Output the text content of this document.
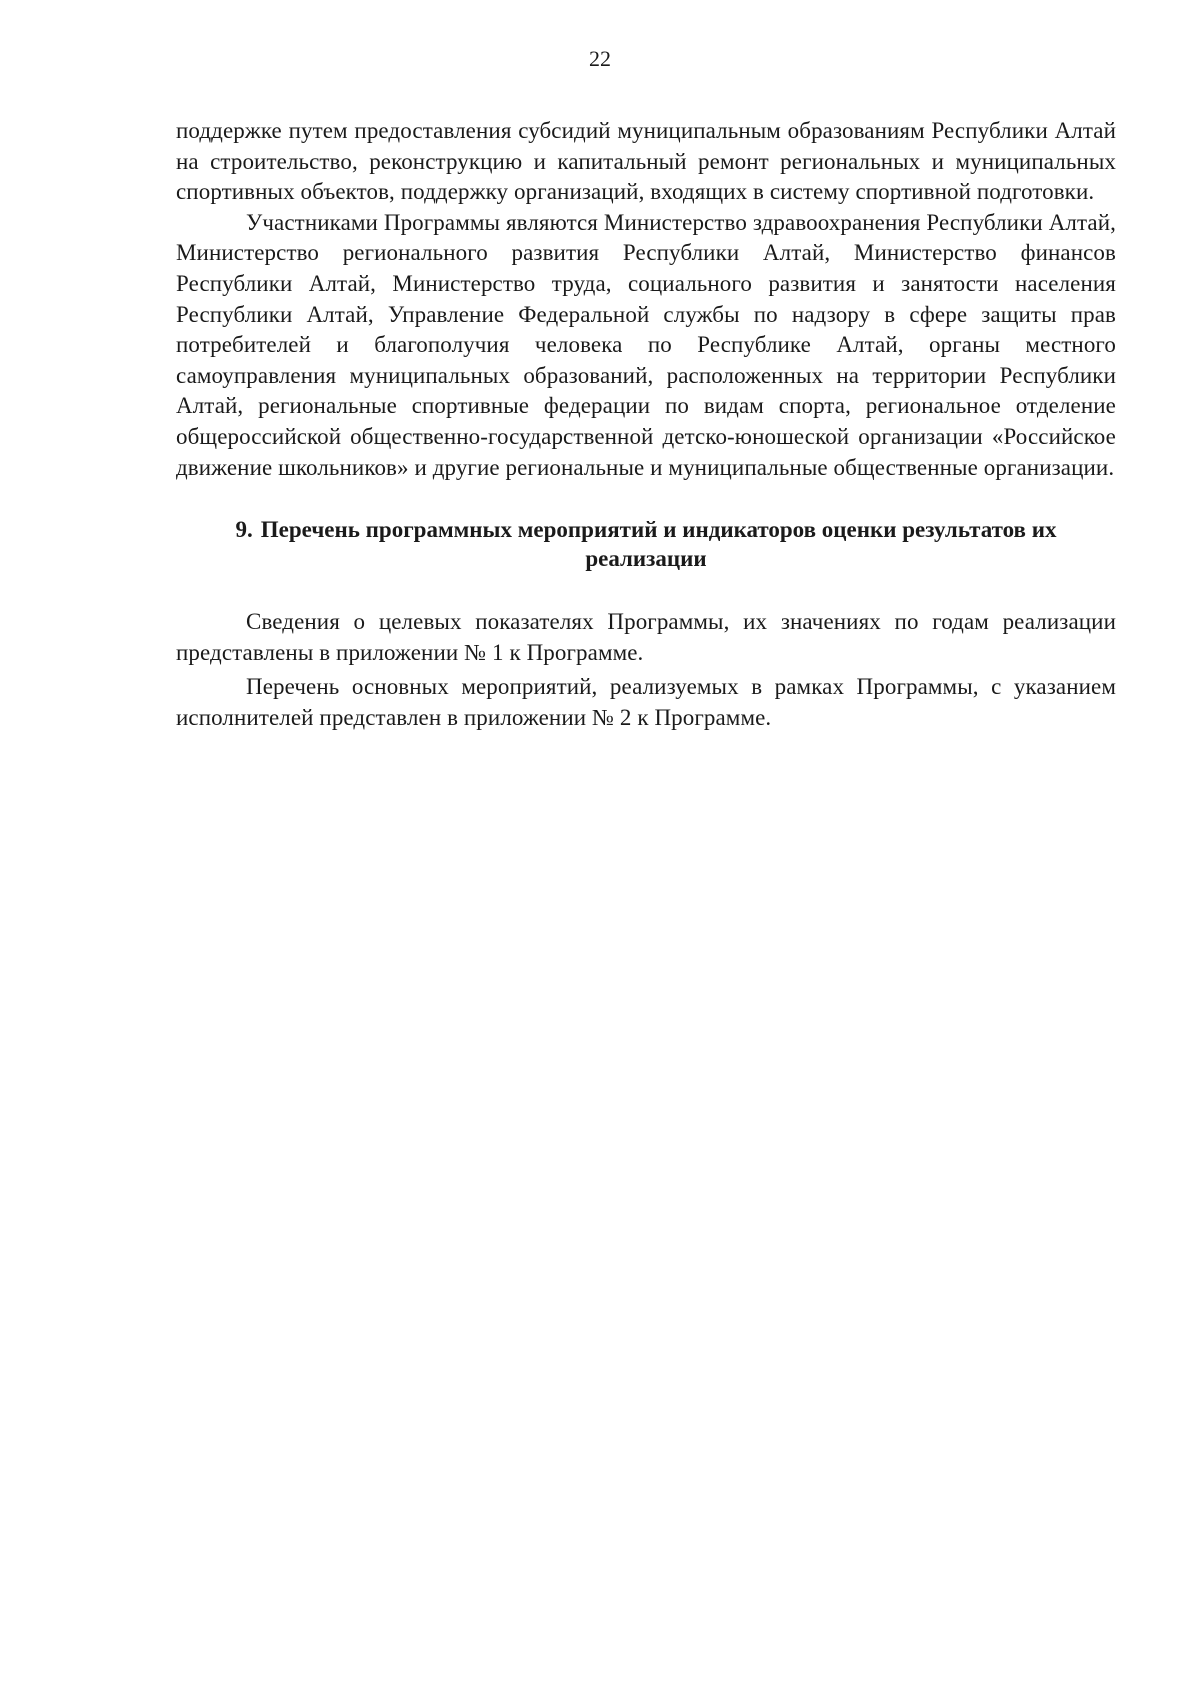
22

поддержке путем предоставления субсидий муниципальным образованиям Республики Алтай на строительство, реконструкцию и капитальный ремонт региональных и муниципальных спортивных объектов, поддержку организаций, входящих в систему спортивной подготовки.

Участниками Программы являются Министерство здравоохранения Республики Алтай, Министерство регионального развития Республики Алтай, Министерство финансов Республики Алтай, Министерство труда, социального развития и занятости населения Республики Алтай, Управление Федеральной службы по надзору в сфере защиты прав потребителей и благополучия человека по Республике Алтай, органы местного самоуправления муниципальных образований, расположенных на территории Республики Алтай, региональные спортивные федерации по видам спорта, региональное отделение общероссийской общественно-государственной детско-юношеской организации «Российское движение школьников» и другие региональные и муниципальные общественные организации.

9. Перечень программных мероприятий и индикаторов оценки результатов их реализации

Сведения о целевых показателях Программы, их значениях по годам реализации представлены в приложении № 1 к Программе.

Перечень основных мероприятий, реализуемых в рамках Программы, с указанием исполнителей представлен в приложении № 2 к Программе.
